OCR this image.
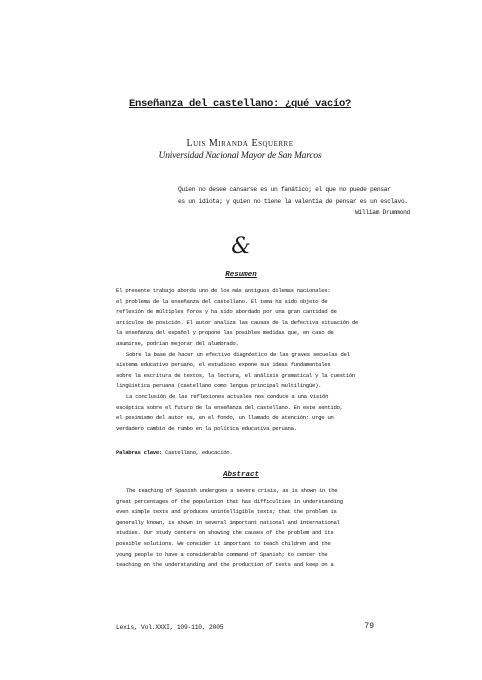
Enseñanza del castellano: ¿qué vacío?
Luis Miranda Esquerre
Universidad Nacional Mayor de San Marcos
Quien no desee cansarse es un fanático; el que no puede pensar
es un idiota; y quien no tiene la valentía de pensar es un esclavo.
William Drummond
&
Resumen
El presente trabajo aborda uno de los más antiguos dilemas nacionales:
el problema de la enseñanza del castellano. El tema ha sido objeto de
reflexión de múltiples foros y ha sido abordado por una gran cantidad de
artículos de posición. El autor analiza las causas de la defectiva situación de
la enseñanza del español y propone las posibles medidas que, en caso de
asumirse, podrían mejorar del alumbrado.
Sobre la base de hacer un efectivo diagnóstico de las graves secuelas del
sistema educativo peruano, el estudioso expone sus ideas fundamentales
sobre la escritura de textos, la lectura, el análisis gramatical y la cuestión
lingüística peruana (castellano como lengua principal multilingüe).
La conclusión de las reflexiones actuales nos conduce a una visión
escéptica sobre el futuro de la enseñanza del castellano. En este sentido,
el pesimismo del autor es, en el fondo, un llamado de atención: urge un
verdadero cambio de rumbo en la política educativa peruana.
Palabras clave: Castellano, educación.
Abstract
The teaching of Spanish undergoes a severe crisis, as is shown in the
great percentages of the population that has difficulties in understanding
even simple texts and produces unintelligible texts; that the problem is
generally known, is shown in several important national and international
studies. Our study centers on showing the causes of the problem and its
possible solutions. We consider it important to teach children and the
young people to have a considerable command of Spanish; to center the
teaching on the understanding and the production of texts and keep on a
Lexis, Vol.XXXI, 109-110, 2005	79
